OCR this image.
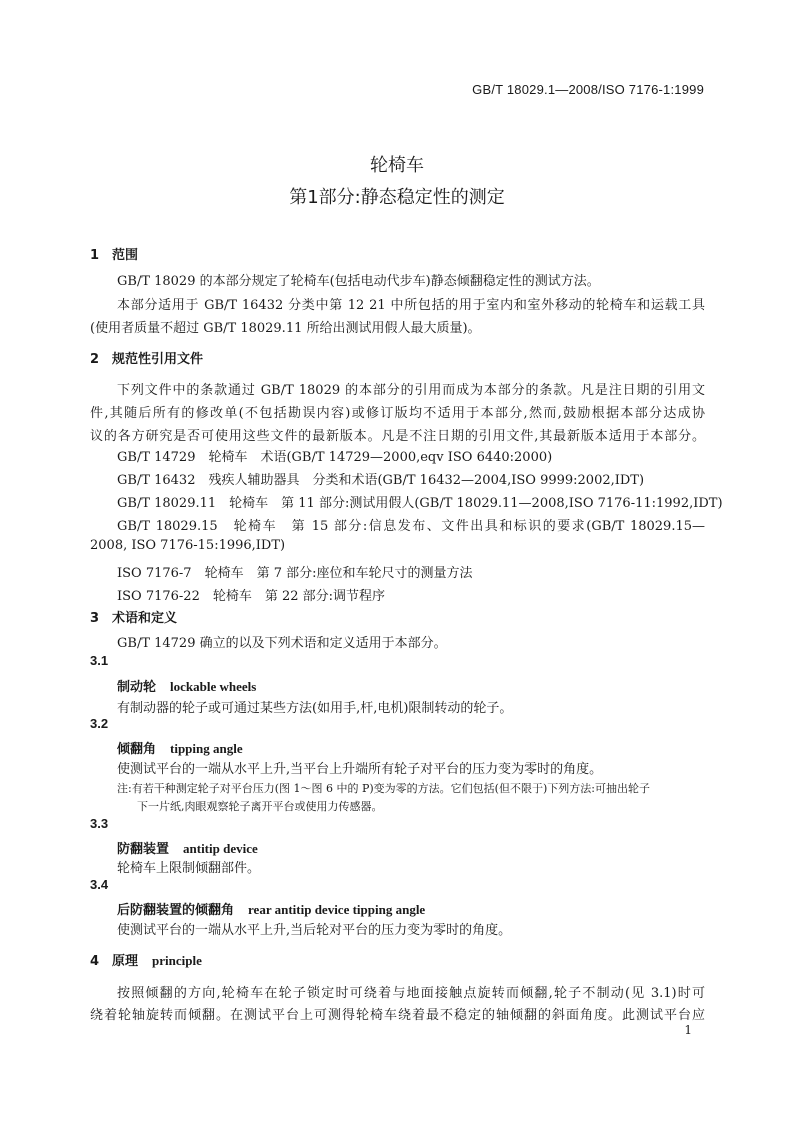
GB/T 18029.1—2008/ISO 7176-1:1999
轮椅车
第1部分:静态稳定性的测定
1　范围
GB/T 18029 的本部分规定了轮椅车(包括电动代步车)静态倾翻稳定性的测试方法。
本部分适用于 GB/T 16432 分类中第 12 21 中所包括的用于室内和室外移动的轮椅车和运载工具
(使用者质量不超过 GB/T 18029.11 所给出测试用假人最大质量)。
2　规范性引用文件
下列文件中的条款通过 GB/T 18029 的本部分的引用而成为本部分的条款。凡是注日期的引用文
件,其随后所有的修改单(不包括勘误内容)或修订版均不适用于本部分,然而,鼓励根据本部分达成协
议的各方研究是否可使用这些文件的最新版本。凡是不注日期的引用文件,其最新版本适用于本部分。
GB/T 14729　轮椅车　术语(GB/T 14729—2000,eqv ISO 6440:2000)
GB/T 16432　残疾人辅助器具　分类和术语(GB/T 16432—2004,ISO 9999:2002,IDT)
GB/T 18029.11　轮椅车　第 11 部分:测试用假人(GB/T 18029.11—2008,ISO 7176-11:1992,IDT)
GB/T 18029.15　轮椅车　第 15 部分:信息发布、文件出具和标识的要求(GB/T 18029.15—
2008, ISO 7176-15:1996,IDT)
ISO 7176-7　轮椅车　第 7 部分:座位和车轮尺寸的测量方法
ISO 7176-22　轮椅车　第 22 部分:调节程序
3　术语和定义
GB/T 14729 确立的以及下列术语和定义适用于本部分。
3.1
制动轮 lockable wheels
有制动器的轮子或可通过某些方法(如用手,杆,电机)限制转动的轮子。
3.2
倾翻角 tipping angle
使测试平台的一端从水平上升,当平台上升端所有轮子对平台的压力变为零时的角度。
注:有若干种测定轮子对平台压力(图 1～图 6 中的 P)变为零的方法。它们包括(但不限于)下列方法:可抽出轮子
下一片纸,肉眼观察轮子离开平台或使用力传感器。
3.3
防翻装置 antitip device
轮椅车上限制倾翻部件。
3.4
后防翻装置的倾翻角 rear antitip device tipping angle
使测试平台的一端从水平上升,当后轮对平台的压力变为零时的角度。
4　原理 principle
按照倾翻的方向,轮椅车在轮子锁定时可绕着与地面接触点旋转而倾翻,轮子不制动(见 3.1)时可
绕着轮轴旋转而倾翻。在测试平台上可测得轮椅车绕着最不稳定的轴倾翻的斜面角度。此测试平台应
1
